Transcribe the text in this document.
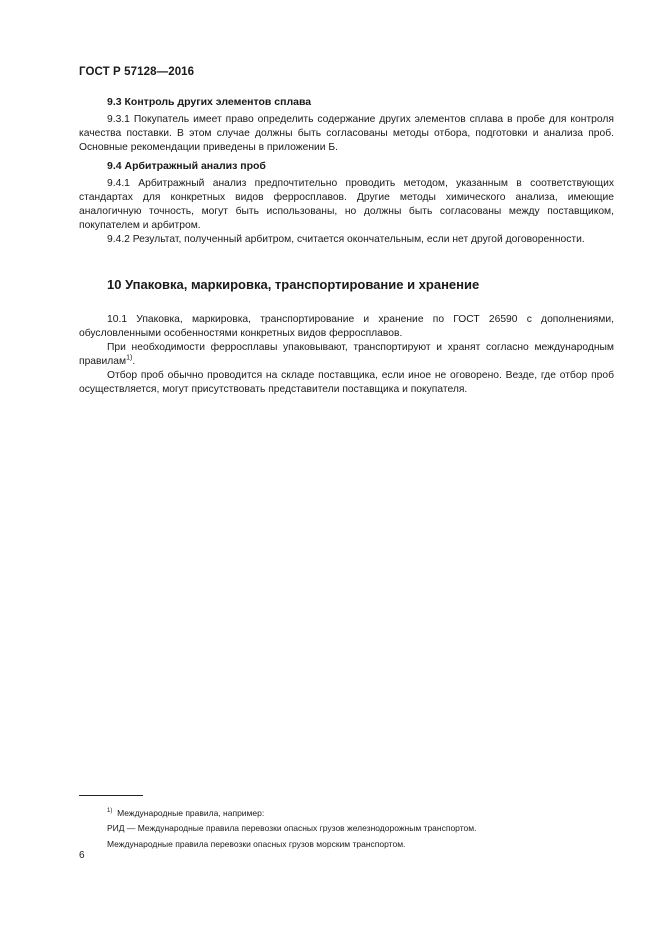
ГОСТ Р 57128—2016
9.3 Контроль других элементов сплава

9.3.1 Покупатель имеет право определить содержание других элементов сплава в пробе для контроля качества поставки. В этом случае должны быть согласованы методы отбора, подготовки и анализа проб. Основные рекомендации приведены в приложении Б.

9.4 Арбитражный анализ проб

9.4.1 Арбитражный анализ предпочтительно проводить методом, указанным в соответствующих стандартах для конкретных видов ферросплавов. Другие методы химического анализа, имеющие аналогичную точность, могут быть использованы, но должны быть согласованы между поставщиком, покупателем и арбитром.

9.4.2 Результат, полученный арбитром, считается окончательным, если нет другой договоренности.

10 Упаковка, маркировка, транспортирование и хранение

10.1 Упаковка, маркировка, транспортирование и хранение по ГОСТ 26590 с дополнениями, обусловленными особенностями конкретных видов ферросплавов.

При необходимости ферросплавы упаковывают, транспортируют и хранят согласно международным правилам$^{1)}$.

Отбор проб обычно проводится на складе поставщика, если иное не оговорено. Везде, где отбор проб осуществляется, могут присутствовать представители поставщика и покупателя.

$^{1)}$ Международные правила, например:
РИД — Международные правила перевозки опасных грузов железнодорожным транспортом.
Международные правила перевозки опасных грузов морским транспортом.
6
